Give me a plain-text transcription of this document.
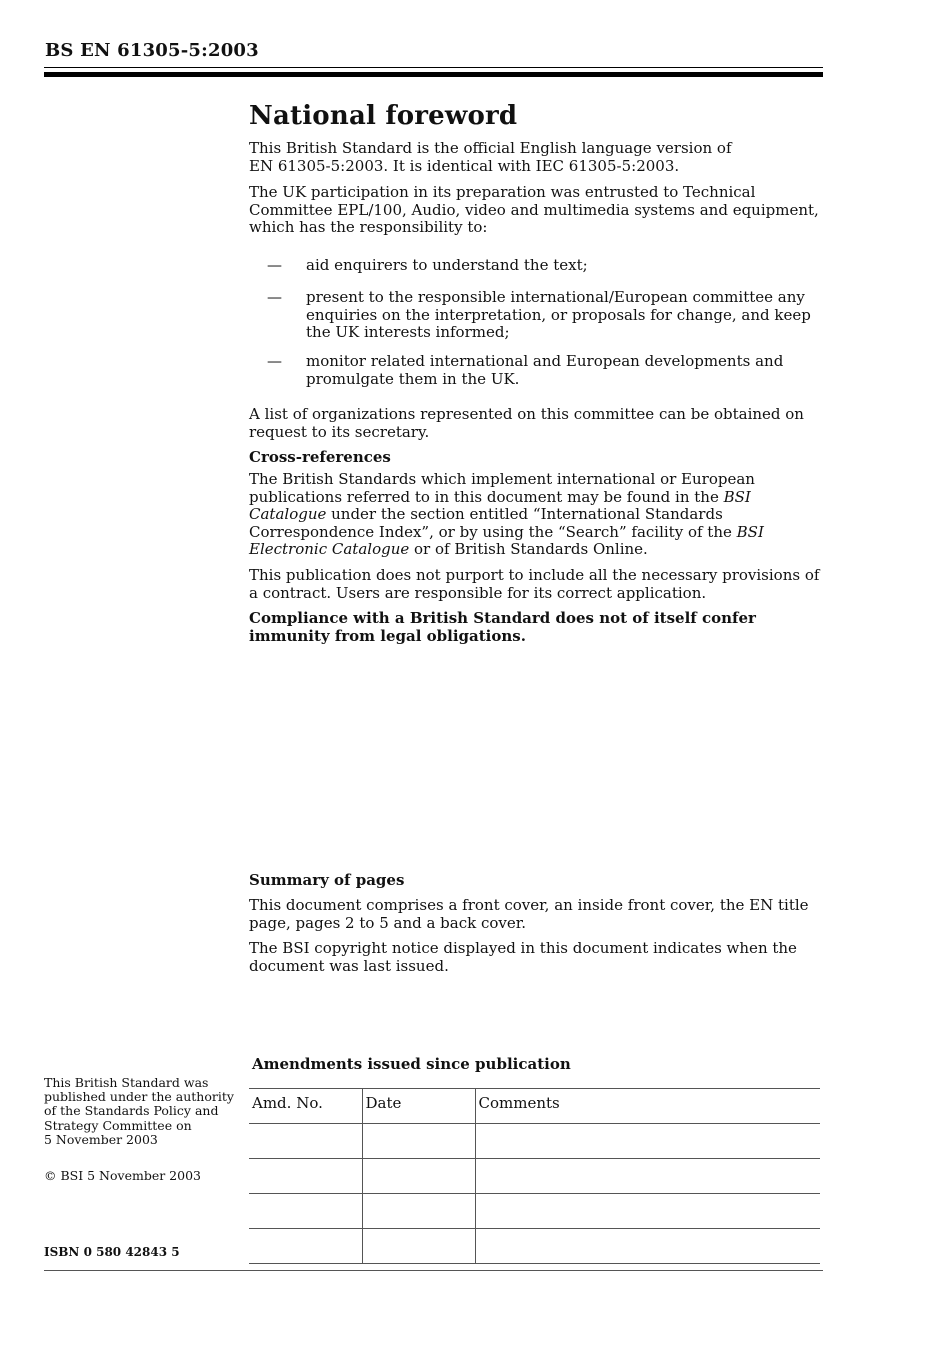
BS EN 61305-5:2003
National foreword

This British Standard is the official English language version of

EN 61305-5:2003. It is identical with IEC 61305-5:2003.

The UK participation in its preparation was entrusted to Technical Committee EPL/100, Audio, video and multimedia systems and equipment, which has the responsibility to:
— aid enquirers to understand the text;
— present to the responsible international/European committee any enquiries on the interpretation, or proposals for change, and keep the UK interests informed;
— monitor related international and European developments and promulgate them in the UK.
A list of organizations represented on this committee can be obtained on request to its secretary.
Cross-references
The British Standards which implement international or European publications referred to in this document may be found in the BSI Catalogue under the section entitled “International Standards Correspondence Index”, or by using the “Search” facility of the BSI Electronic Catalogue or of British Standards Online.
This publication does not purport to include all the necessary provisions of a contract. Users are responsible for its correct application.
Compliance with a British Standard does not of itself confer immunity from legal obligations.
Summary of pages
This document comprises a front cover, an inside front cover, the EN title page, pages 2 to 5 and a back cover.
The BSI copyright notice displayed in this document indicates when the document was last issued.
This British Standard was
published under the authority
of the Standards Policy and
Strategy Committee on
5 November 2003
© BSI 5 November 2003
ISBN 0 580 42843 5
Amendments issued since publication
Amd. No.	Date	Comments
